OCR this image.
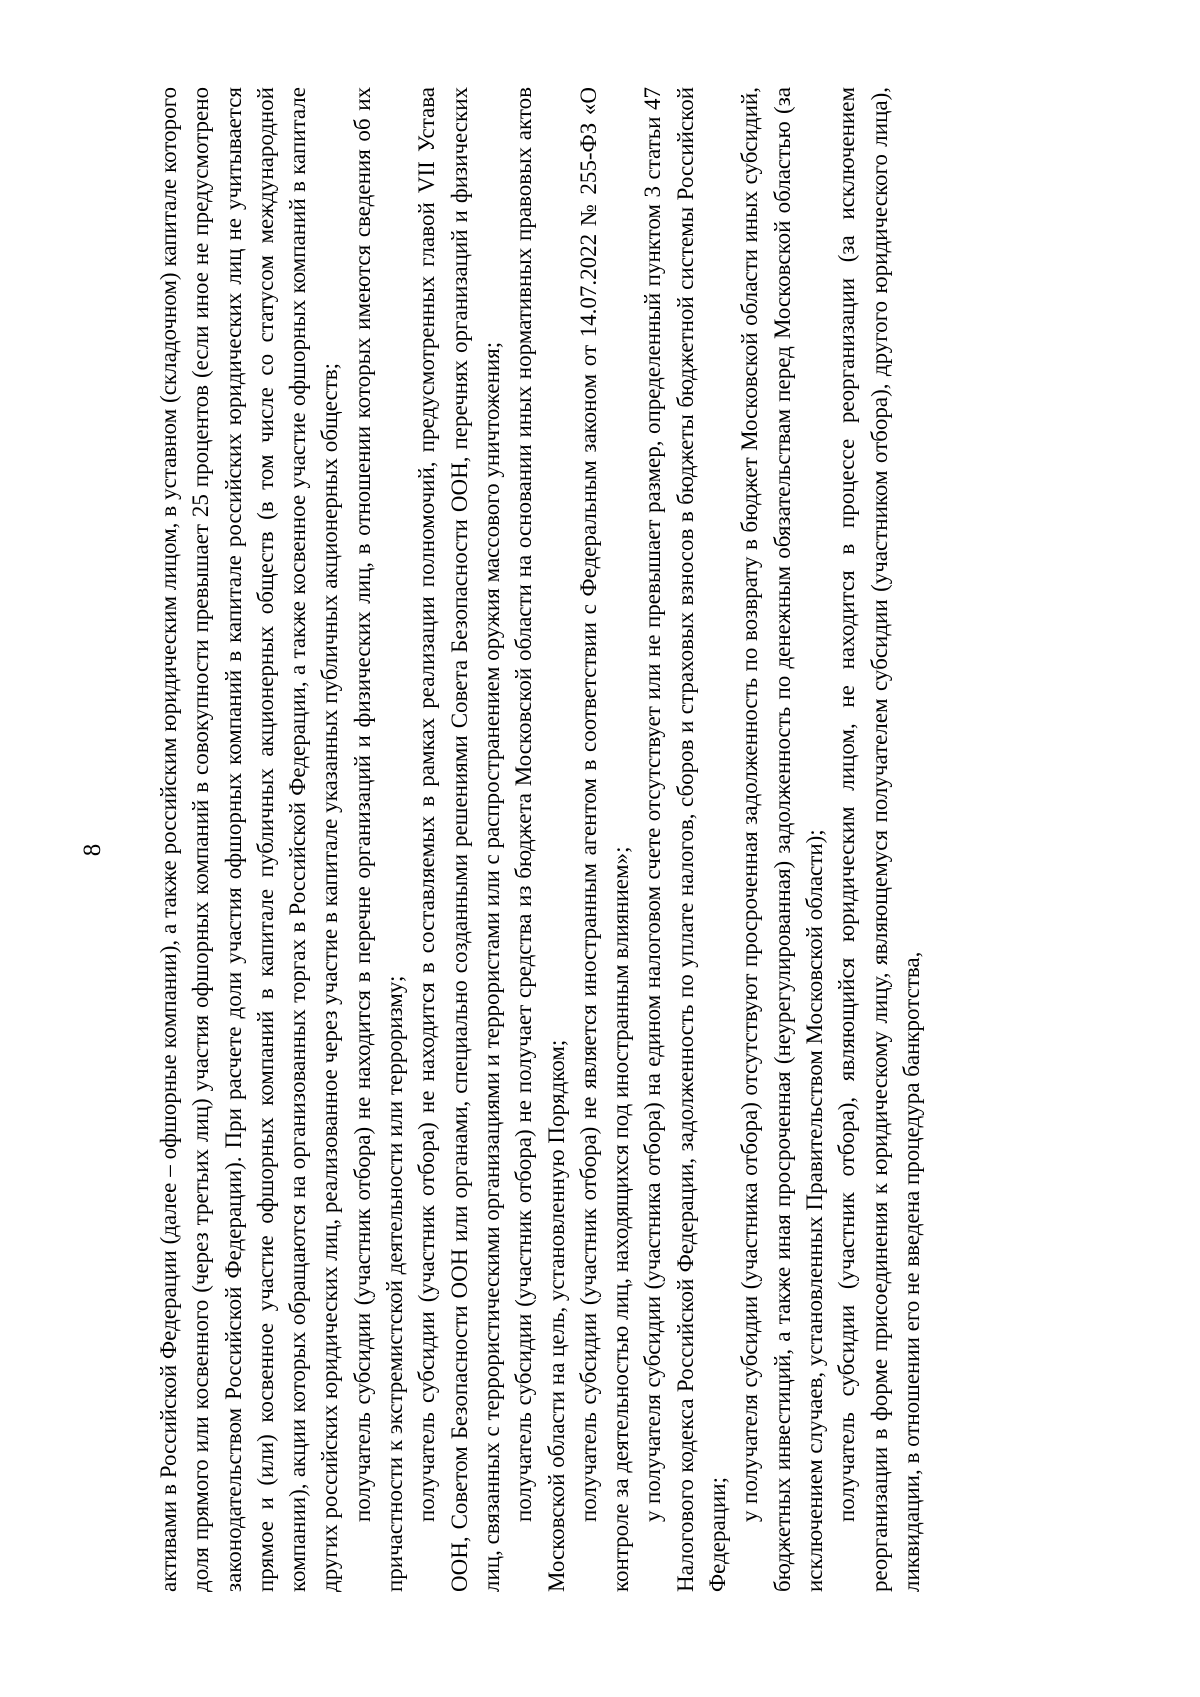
8 активами в Российской Федерации (далее – офшорные компании), а также российским юридическим лицом, в уставном (складочном) капитале которого доля прямого или косвенного (через третьих лиц) участия офшорных компаний в совокупности превышает 25 процентов (если иное не предусмотрено законодательством Российской Федерации). При расчете доли участия офшорных компаний в капитале российских юридических лиц не учитывается прямое и (или) косвенное участие офшорных компаний в капитале публичных акционерных обществ (в том числе со статусом международной компании), акции которых обращаются на организованных торгах в Российской Федерации, а также косвенное участие офшорных компаний в капитале других российских юридических лиц, реализованное через участие в капитале указанных публичных акционерных обществ; получатель субсидии (участник отбора) не находится в перечне организаций и физических лиц, в отношении которых имеются сведения об их причастности к экстремистской деятельности или терроризму; получатель субсидии (участник отбора) не находится в составляемых в рамках реализации полномочий, предусмотренных главой VII Устава ООН, Советом Безопасности ООН или органами, специально созданными решениями Совета Безопасности ООН, перечнях организаций и физических лиц, связанных с террористическими организациями и террористами или с распространением оружия массового уничтожения; получатель субсидии (участник отбора) не получает средства из бюджета Московской области на основании иных нормативных правовых актов Московской области на цель, установленную Порядком; получатель субсидии (участник отбора) не является иностранным агентом в соответствии с Федеральным законом от 14.07.2022 № 255-ФЗ «О контроле за деятельностью лиц, находящихся под иностранным влиянием»; у получателя субсидии (участника отбора) на едином налоговом счете отсутствует или не превышает размер, определенный пунктом 3 статьи 47 Налогового кодекса Российской Федерации, задолженность по уплате налогов, сборов и страховых взносов в бюджеты бюджетной системы Российской Федерации;

у получателя субсидии (участника отбора) отсутствуют просроченная задолженность по возврату в бюджет Московской области иных субсидий, бюджетных инвестиций, а также иная просроченная (неурегулированная) задолженность по денежным обязательствам перед Московской областью (за исключением случаев, установленных Правительством Московской области); получатель субсидии (участник отбора), являющийся юридическим лицом, не находится в процессе реорганизации (за исключением реорганизации в форме присоединения к юридическому лицу, являющемуся получателем субсидии (участником отбора), другого юридического лица), ликвидации, в отношении его не введена процедура банкротства,
